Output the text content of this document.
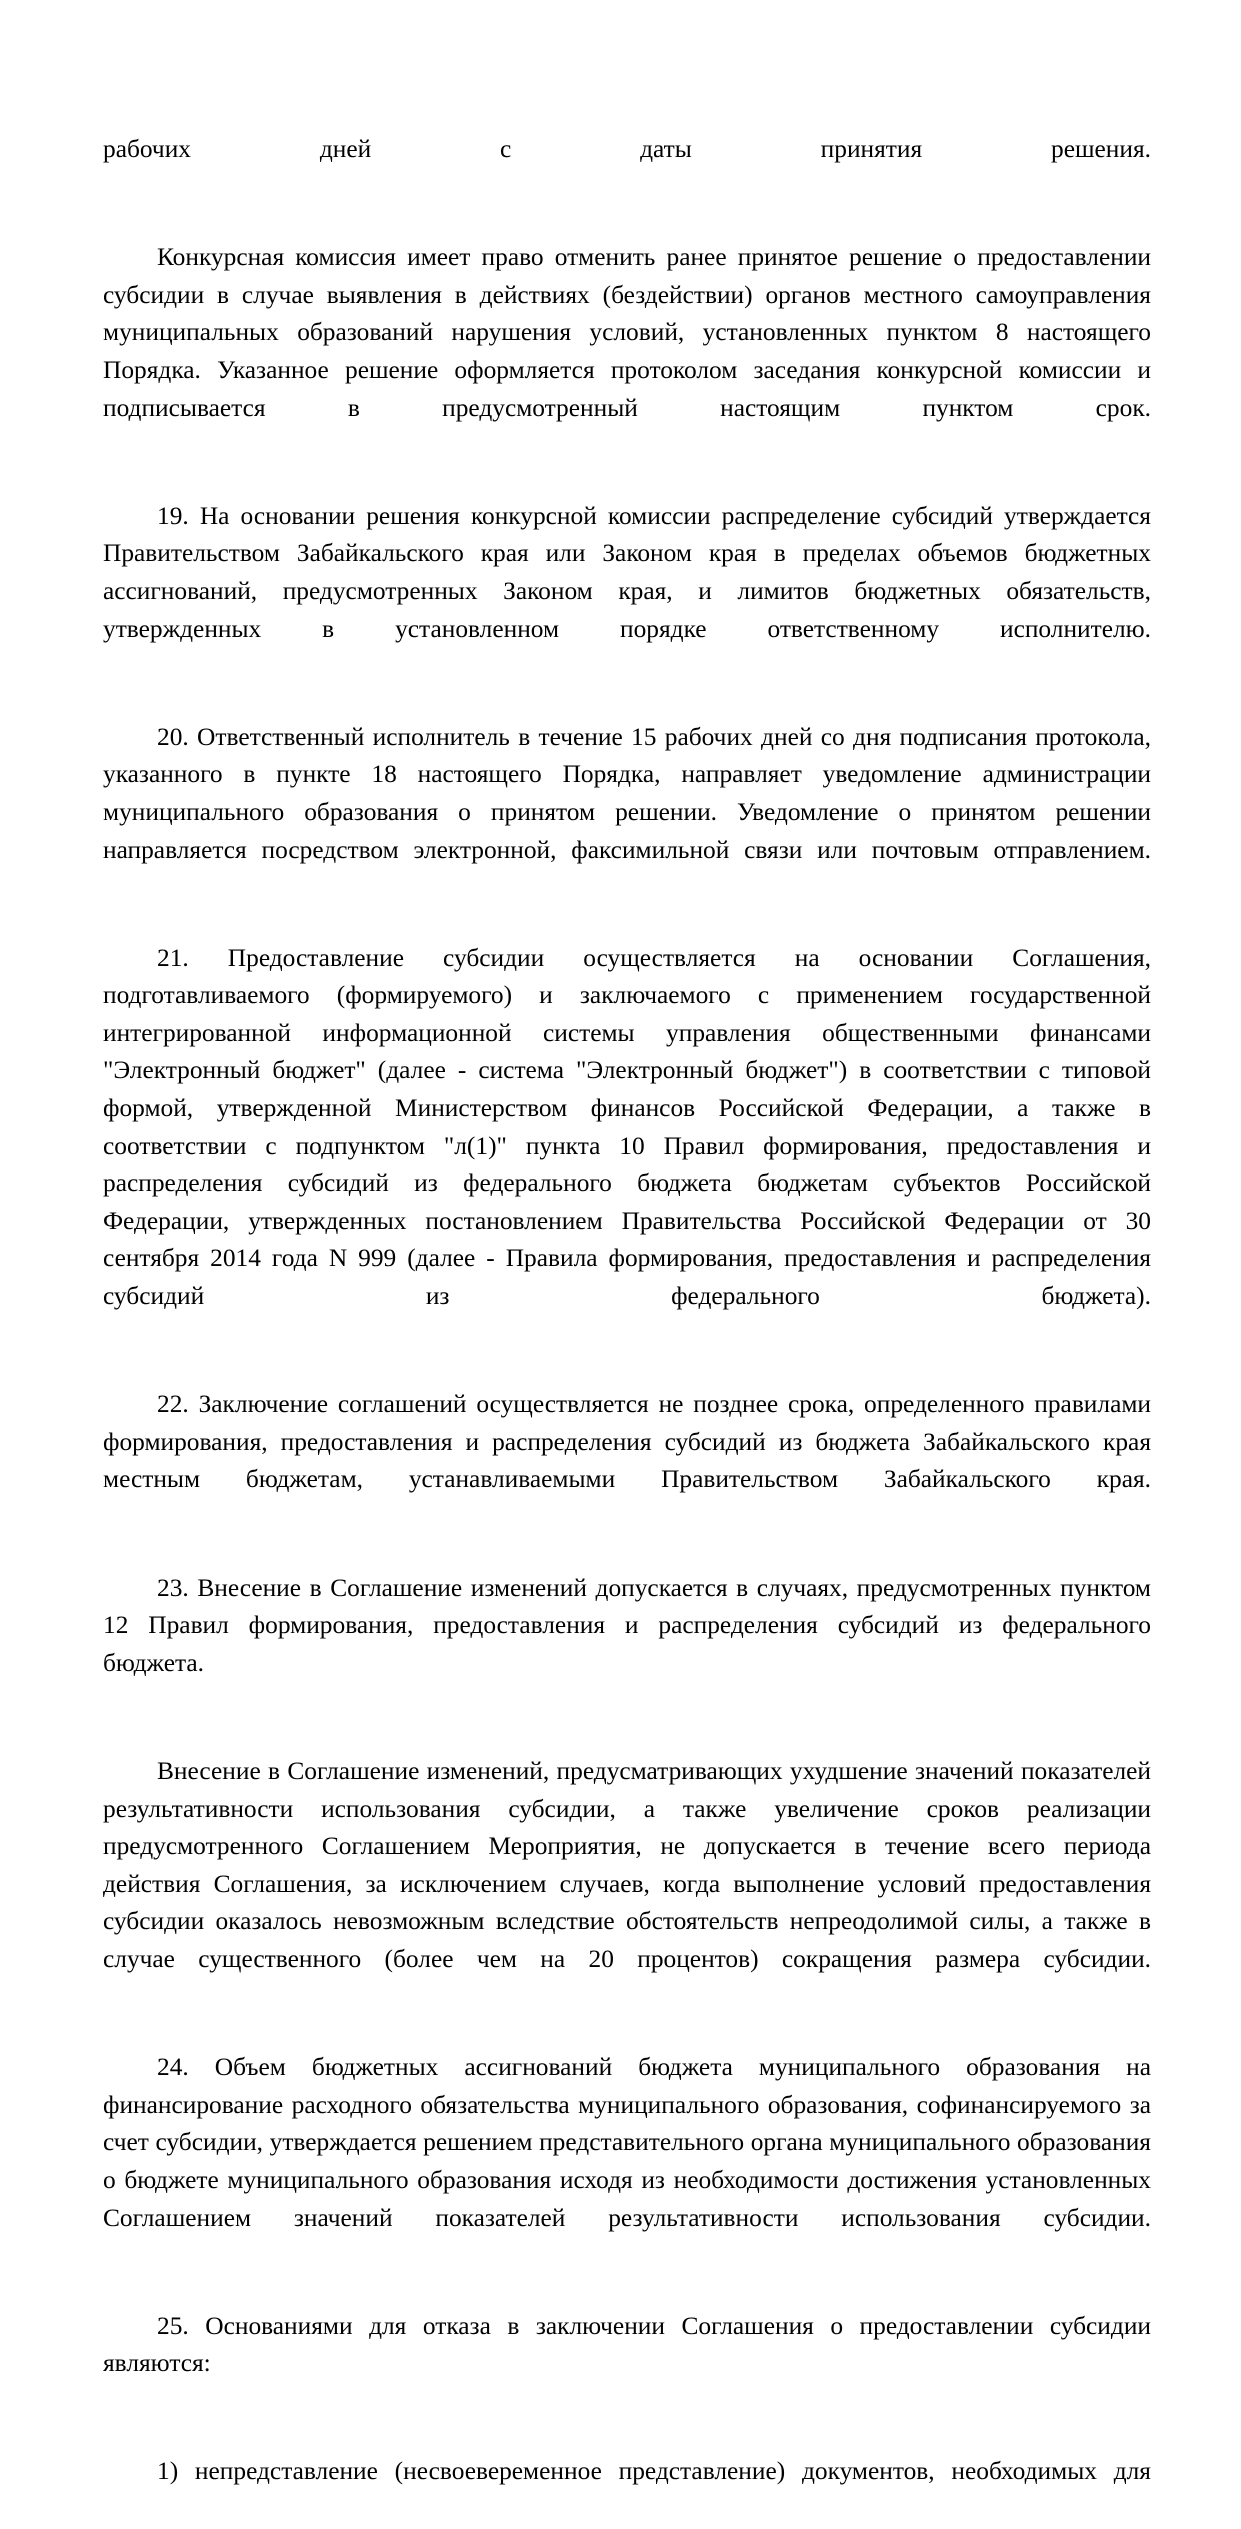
рабочих дней с даты принятия решения.

Конкурсная комиссия имеет право отменить ранее принятое решение о предоставлении субсидии в случае выявления в действиях (бездействии) органов местного самоуправления муниципальных образований нарушения условий, установленных пунктом 8 настоящего Порядка. Указанное решение оформляется протоколом заседания конкурсной комиссии и подписывается в предусмотренный настоящим пунктом срок.

19. На основании решения конкурсной комиссии распределение субсидий утверждается Правительством Забайкальского края или Законом края в пределах объемов бюджетных ассигнований, предусмотренных Законом края, и лимитов бюджетных обязательств, утвержденных в установленном порядке ответственному исполнителю.

20. Ответственный исполнитель в течение 15 рабочих дней со дня подписания протокола, указанного в пункте 18 настоящего Порядка, направляет уведомление администрации муниципального образования о принятом решении. Уведомление о принятом решении направляется посредством электронной, факсимильной связи или почтовым отправлением.

21. Предоставление субсидии осуществляется на основании Соглашения, подготавливаемого (формируемого) и заключаемого с применением государственной интегрированной информационной системы управления общественными финансами "Электронный бюджет" (далее - система "Электронный бюджет") в соответствии с типовой формой, утвержденной Министерством финансов Российской Федерации, а также в соответствии с подпунктом "л(1)" пункта 10 Правил формирования, предоставления и распределения субсидий из федерального бюджета бюджетам субъектов Российской Федерации, утвержденных постановлением Правительства Российской Федерации от 30 сентября 2014 года N 999 (далее - Правила формирования, предоставления и распределения субсидий из федерального бюджета).

22. Заключение соглашений осуществляется не позднее срока, определенного правилами формирования, предоставления и распределения субсидий из бюджета Забайкальского края местным бюджетам, устанавливаемыми Правительством Забайкальского края.

23. Внесение в Соглашение изменений допускается в случаях, предусмотренных пунктом 12 Правил формирования, предоставления и распределения субсидий из федерального бюджета.

Внесение в Соглашение изменений, предусматривающих ухудшение значений показателей результативности использования субсидии, а также увеличение сроков реализации предусмотренного Соглашением Мероприятия, не допускается в течение всего периода действия Соглашения, за исключением случаев, когда выполнение условий предоставления субсидии оказалось невозможным вследствие обстоятельств непреодолимой силы, а также в случае существенного (более чем на 20 процентов) сокращения размера субсидии.

24. Объем бюджетных ассигнований бюджета муниципального образования на финансирование расходного обязательства муниципального образования, софинансируемого за счет субсидии, утверждается решением представительного органа муниципального образования о бюджете муниципального образования исходя из необходимости достижения установленных Соглашением значений показателей результативности использования субсидии.

25. Основаниями для отказа в заключении Соглашения о предоставлении субсидии являются:

1) непредставление (несвоевеременное представление) документов, необходимых для
